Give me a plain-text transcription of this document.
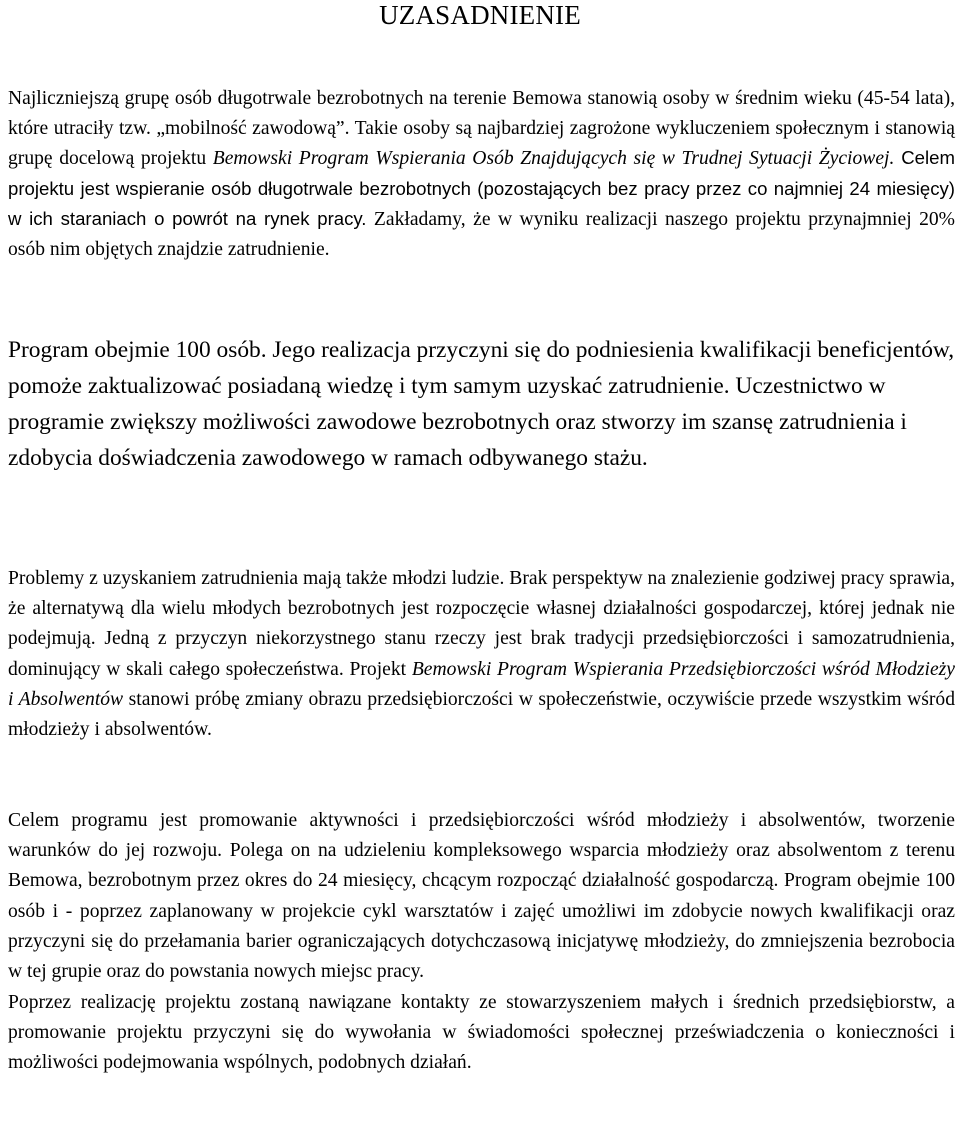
UZASADNIENIE

Najliczniejszą grupę osób długotrwale bezrobotnych na terenie Bemowa stanowią osoby w średnim wieku (45-54 lata), które utraciły tzw. „mobilność zawodową”. Takie osoby są najbardziej zagrożone wykluczeniem społecznym i stanowią grupę docelową projektu Bemowski Program Wspierania Osób Znajdujących się w Trudnej Sytuacji Życiowej. Celem projektu jest wspieranie osób długotrwale bezrobotnych (pozostających bez pracy przez co najmniej 24 miesięcy) w ich staraniach o powrót na rynek pracy. Zakładamy, że w wyniku realizacji naszego projektu przynajmniej 20% osób nim objętych znajdzie zatrudnienie.

Program obejmie 100 osób. Jego realizacja przyczyni się do podniesienia kwalifikacji beneficjentów, pomoże zaktualizować posiadaną wiedzę i tym samym uzyskać zatrudnienie. Uczestnictwo w programie zwiększy możliwości zawodowe bezrobotnych oraz stworzy im szansę zatrudnienia i zdobycia doświadczenia zawodowego w ramach odbywanego stażu.

Problemy z uzyskaniem zatrudnienia mają także młodzi ludzie. Brak perspektyw na znalezienie godziwej pracy sprawia, że alternatywą dla wielu młodych bezrobotnych jest rozpoczęcie własnej działalności gospodarczej, której jednak nie podejmują. Jedną z przyczyn niekorzystnego stanu rzeczy jest brak tradycji przedsiębiorczości i samozatrudnienia, dominujący w skali całego społeczeństwa. Projekt Bemowski Program Wspierania Przedsiębiorczości wśród Młodzieży i Absolwentów stanowi próbę zmiany obrazu przedsiębiorczości w społeczeństwie, oczywiście przede wszystkim wśród młodzieży i absolwentów.

Celem programu jest promowanie aktywności i przedsiębiorczości wśród młodzieży i absolwentów, tworzenie warunków do jej rozwoju. Polega on na udzieleniu kompleksowego wsparcia młodzieży oraz absolwentom z terenu Bemowa, bezrobotnym przez okres do 24 miesięcy, chcącym rozpocząć działalność gospodarczą. Program obejmie 100 osób i - poprzez zaplanowany w projekcie cykl warsztatów i zajęć umożliwi im zdobycie nowych kwalifikacji oraz przyczyni się do przełamania barier ograniczających dotychczasową inicjatywę młodzieży, do zmniejszenia bezrobocia w tej grupie oraz do powstania nowych miejsc pracy.

Poprzez realizację projektu zostaną nawiązane kontakty ze stowarzyszeniem małych i średnich przedsiębiorstw, a promowanie projektu przyczyni się do wywołania w świadomości społecznej przeświadczenia o konieczności i możliwości podejmowania wspólnych, podobnych działań.
